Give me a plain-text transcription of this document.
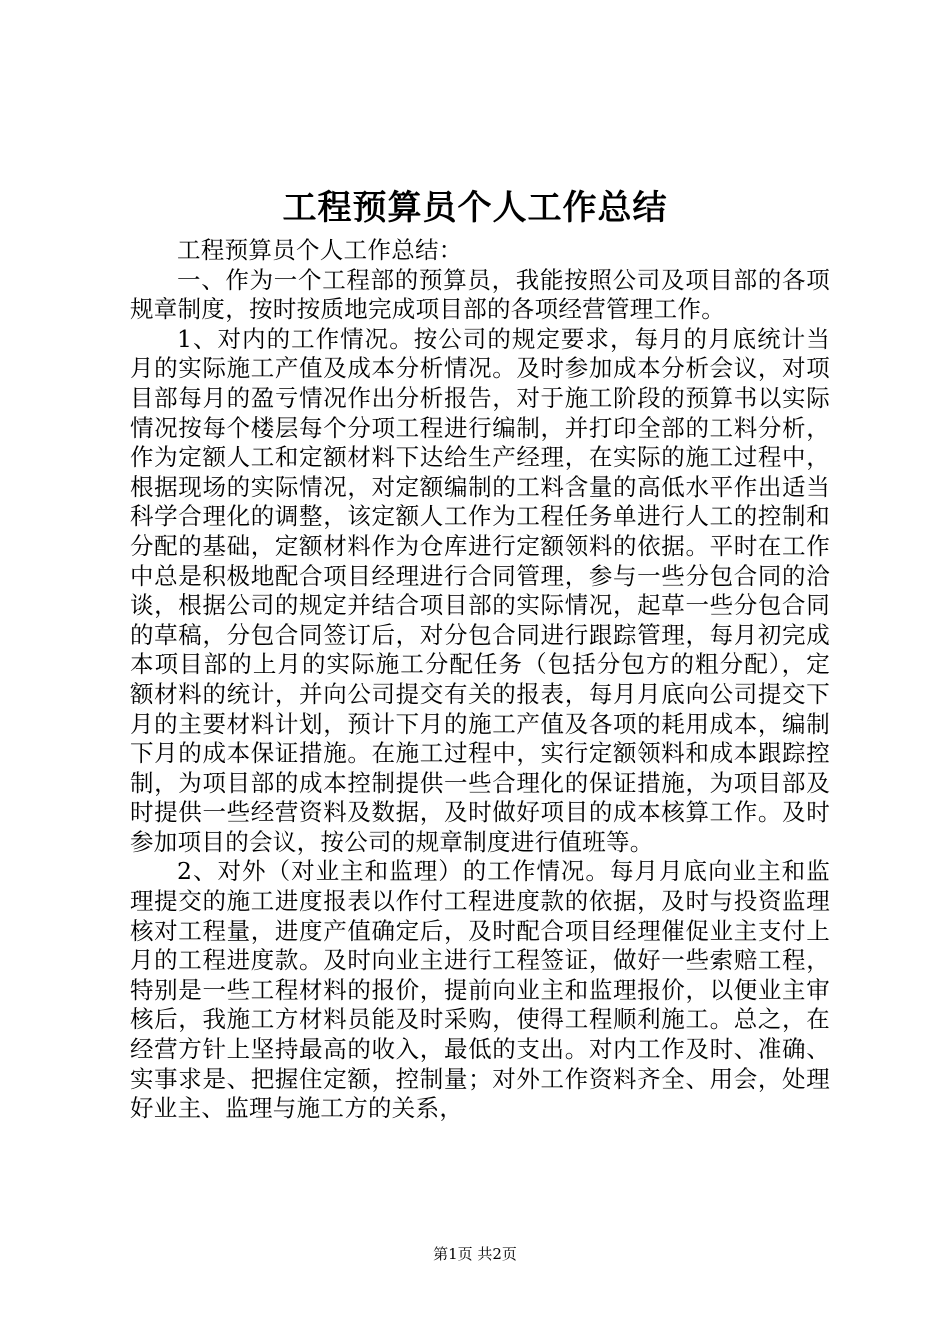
工程预算员个人工作总结

工程预算员个人工作总结：

一、作为一个工程部的预算员，我能按照公司及项目部的各项规章制度，按时按质地完成项目部的各项经营管理工作。

1、对内的工作情况。按公司的规定要求，每月的月底统计当月的实际施工产值及成本分析情况。及时参加成本分析会议，对项目部每月的盈亏情况作出分析报告，对于施工阶段的预算书以实际情况按每个楼层每个分项工程进行编制，并打印全部的工料分析，作为定额人工和定额材料下达给生产经理，在实际的施工过程中，根据现场的实际情况，对定额编制的工料含量的高低水平作出适当科学合理化的调整，该定额人工作为工程任务单进行人工的控制和分配的基础，定额材料作为仓库进行定额领料的依据。平时在工作中总是积极地配合项目经理进行合同管理，参与一些分包合同的洽谈，根据公司的规定并结合项目部的实际情况，起草一些分包合同的草稿，分包合同签订后，对分包合同进行跟踪管理，每月初完成本项目部的上月的实际施工分配任务（包括分包方的粗分配），定额材料的统计，并向公司提交有关的报表，每月月底向公司提交下月的主要材料计划，预计下月的施工产值及各项的耗用成本，编制下月的成本保证措施。在施工过程中，实行定额领料和成本跟踪控制，为项目部的成本控制提供一些合理化的保证措施，为项目部及时提供一些经营资料及数据，及时做好项目的成本核算工作。及时参加项目的会议，按公司的规章制度进行值班等。

2、对外（对业主和监理）的工作情况。每月月底向业主和监理提交的施工进度报表以作付工程进度款的依据，及时与投资监理核对工程量，进度产值确定后，及时配合项目经理催促业主支付上月的工程进度款。及时向业主进行工程签证，做好一些索赔工程，特别是一些工程材料的报价，提前向业主和监理报价，以便业主审核后，我施工方材料员能及时采购，使得工程顺利施工。总之，在经营方针上坚持最高的收入，最低的支出。对内工作及时、准确、实事求是、把握住定额，控制量；对外工作资料齐全、用会，处理好业主、监理与施工方的关系，

第1页 共2页
